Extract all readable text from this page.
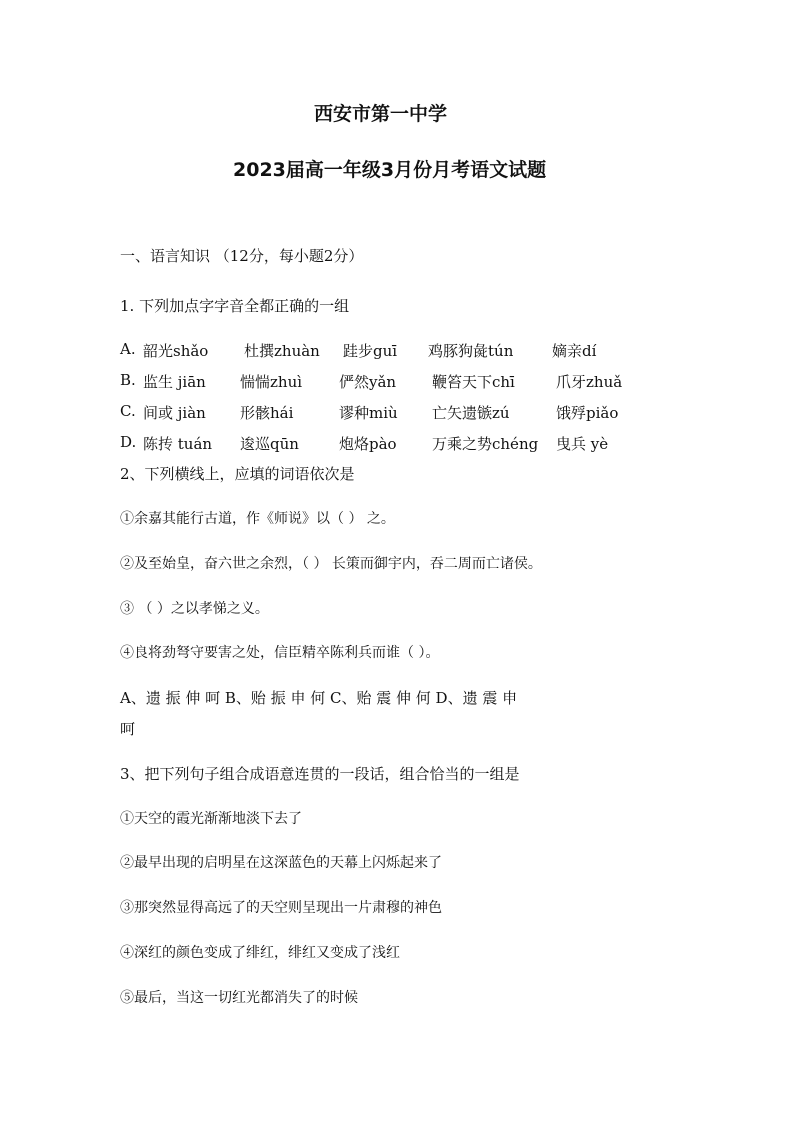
西安市第一中学
2023届高一年级3月份月考语文试题
一、语言知识 （12分，每小题2分）
1. 下列加点字字音全都正确的一组
A. 韶光shǎo 杜撰zhuàn 跬步guī 鸡豚狗彘tún	嫡亲dí
B. 监生 jiān 惴惴zhuì 俨然yǎn 鞭笞天下chī	爪牙zhuǎ
C. 间或 jiàn 形骸hái	谬种miù 亡矢遗镞zú	饿殍piǎo
D. 陈抟 tuán 逡巡qūn	炮烙pào 万乘之势chéng 曳兵 yè
2、下列横线上，应填的词语依次是
①余嘉其能行古道，作《师说》以（ ） 之。
②及至始皇，奋六世之余烈，（ ） 长策而御宇内，吞二周而亡诸侯。
③ （ ）之以孝悌之义。
④良将劲弩守要害之处，信臣精卒陈利兵而谁（ ）。
A、遗 振 伸 呵 B、贻 振 申 何 C、贻 震 伸 何 D、遗 震 申
呵
3、把下列句子组合成语意连贯的一段话，组合恰当的一组是
①天空的霞光渐渐地淡下去了
②最早出现的启明星在这深蓝色的天幕上闪烁起来了
③那突然显得高远了的天空则呈现出一片肃穆的神色
④深红的颜色变成了绯红，绯红又变成了浅红
⑤最后，当这一切红光都消失了的时候
